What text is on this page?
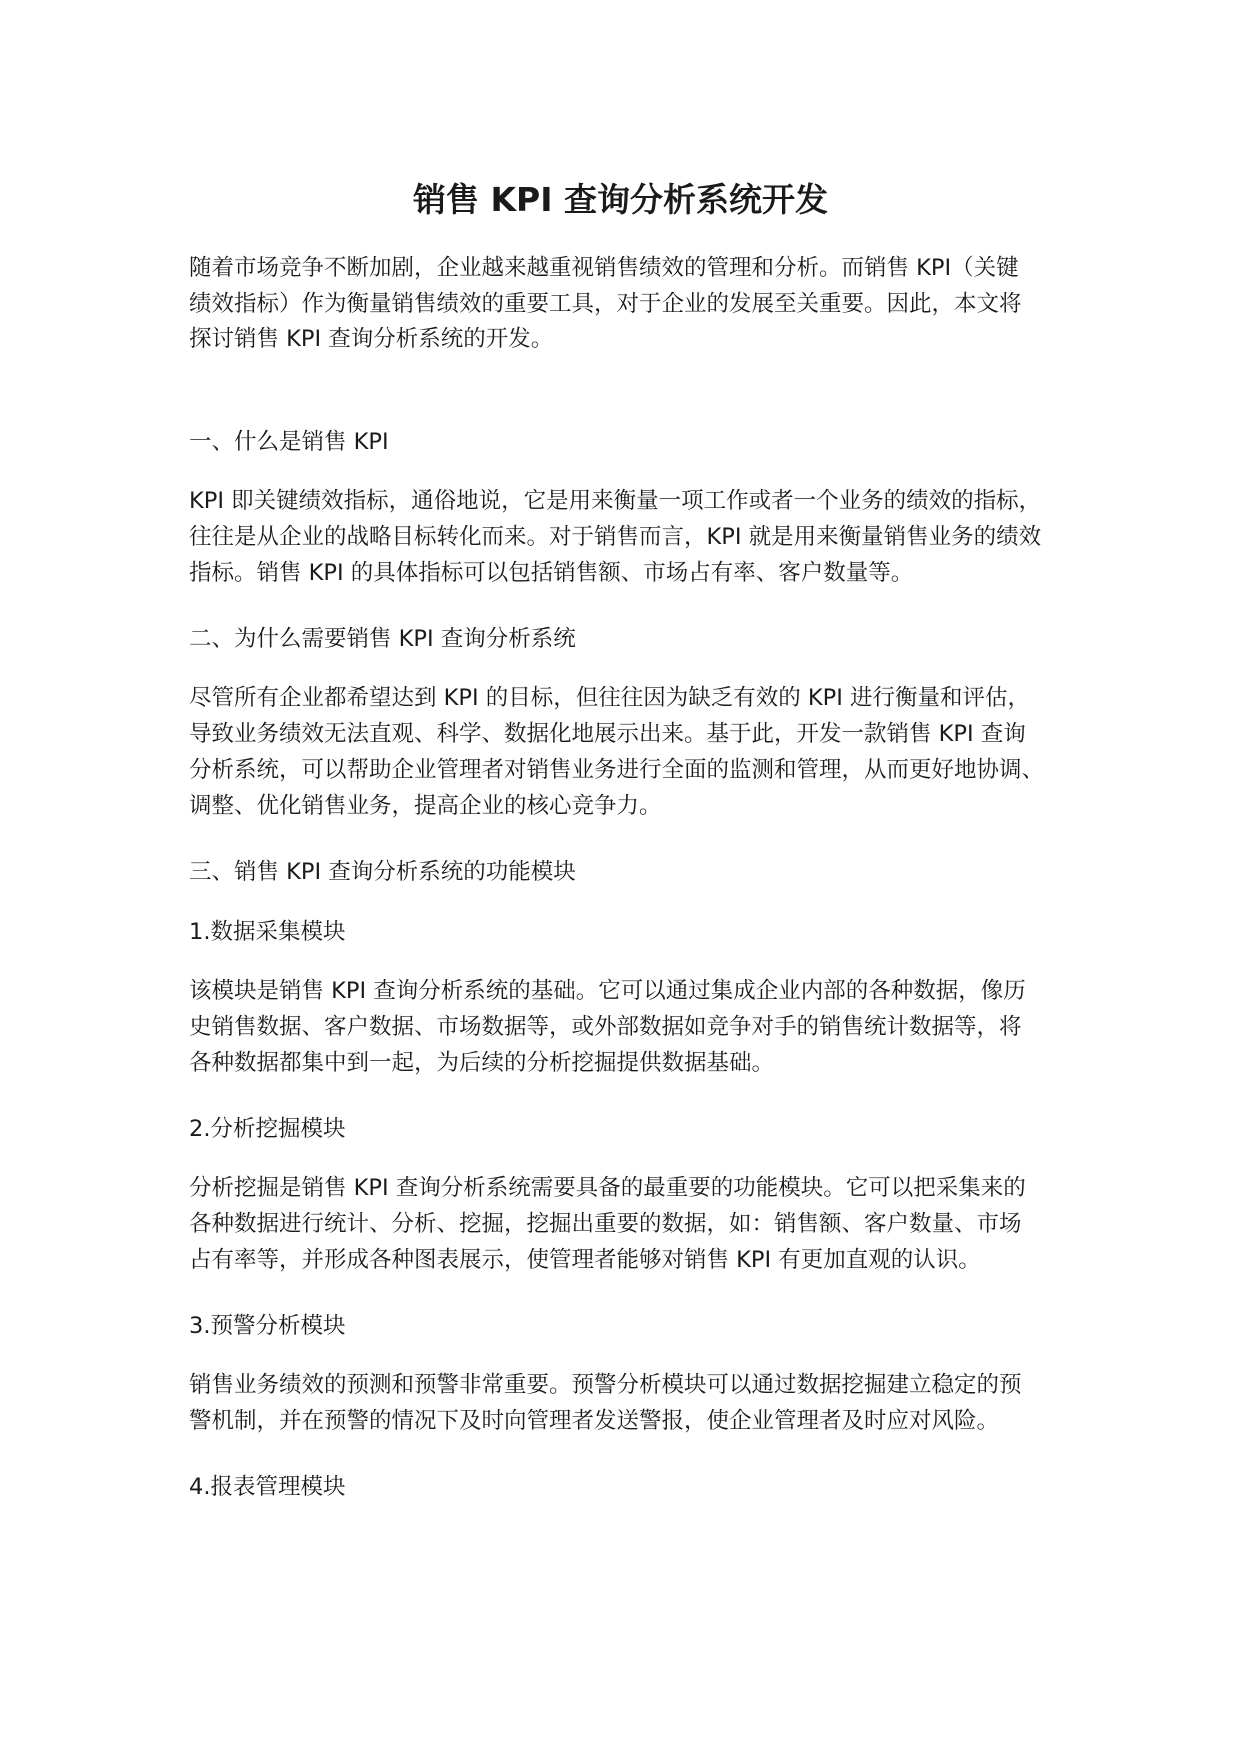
销售 KPI 查询分析系统开发

随着市场竞争不断加剧，企业越来越重视销售绩效的管理和分析。而销售 KPI（关键

绩效指标）作为衡量销售绩效的重要工具，对于企业的发展至关重要。因此，本文将

探讨销售 KPI 查询分析系统的开发。

一、什么是销售 KPI

KPI 即关键绩效指标，通俗地说，它是用来衡量一项工作或者一个业务的绩效的指标，

往往是从企业的战略目标转化而来。对于销售而言，KPI 就是用来衡量销售业务的绩效

指标。销售 KPI 的具体指标可以包括销售额、市场占有率、客户数量等。

二、为什么需要销售 KPI 查询分析系统

尽管所有企业都希望达到 KPI 的目标，但往往因为缺乏有效的 KPI 进行衡量和评估，

导致业务绩效无法直观、科学、数据化地展示出来。基于此，开发一款销售 KPI 查询

分析系统，可以帮助企业管理者对销售业务进行全面的监测和管理，从而更好地协调、

调整、优化销售业务，提高企业的核心竞争力。

三、销售 KPI 查询分析系统的功能模块

1.数据采集模块

该模块是销售 KPI 查询分析系统的基础。它可以通过集成企业内部的各种数据，像历

史销售数据、客户数据、市场数据等，或外部数据如竞争对手的销售统计数据等，将

各种数据都集中到一起，为后续的分析挖掘提供数据基础。

2.分析挖掘模块

分析挖掘是销售 KPI 查询分析系统需要具备的最重要的功能模块。它可以把采集来的

各种数据进行统计、分析、挖掘，挖掘出重要的数据，如：销售额、客户数量、市场

占有率等，并形成各种图表展示，使管理者能够对销售 KPI 有更加直观的认识。

3.预警分析模块

销售业务绩效的预测和预警非常重要。预警分析模块可以通过数据挖掘建立稳定的预

警机制，并在预警的情况下及时向管理者发送警报，使企业管理者及时应对风险。

4.报表管理模块
